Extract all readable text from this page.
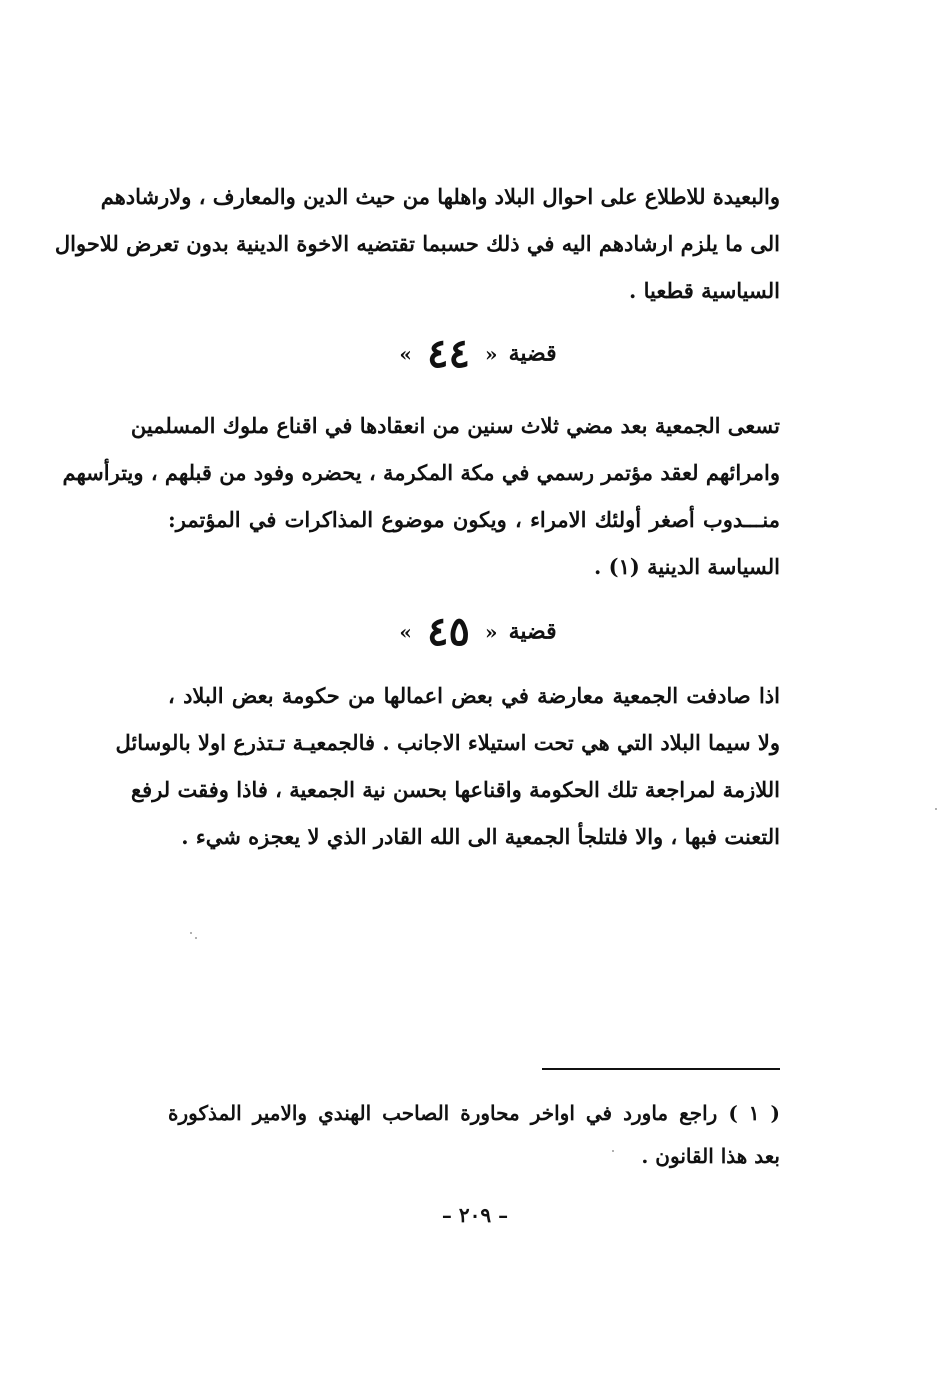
والبعيدة للاطلاع على احوال البلاد واهلها من حيث الدين والمعارف ، ولارشادهم
الى ما يلزم ارشادهم اليه في ذلك حسبما تقتضيه الاخوة الدينية بدون تعرض للاحوال
السياسية قطعيا .
قضية « ٤٤ »
تسعى الجمعية بعد مضي ثلاث سنين من انعقادها في اقناع ملوك المسلمين
وامرائهم لعقد مؤتمر رسمي في مكة المكرمة ، يحضره وفود من قبلهم ، ويترأسهم
منـــدوب أصغر أولئك الامراء ، ويكون موضوع المذاكرات في المؤتمر:
السياسة الدينية (١) .
قضية « ٤٥ »
اذا صادفت الجمعية معارضة في بعض اعمالها من حكومة بعض البلاد ،
ولا سيما البلاد التي هي تحت استيلاء الاجانب . فالجمعيـة تـتذرع اولا بالوسائل
اللازمة لمراجعة تلك الحكومة واقناعها بحسن نية الجمعية ، فاذا وفقت لرفع
التعنت فبها ، والا فلتلجأ الجمعية الى الله القادر الذي لا يعجزه شيء .
( ١ ) راجع ماورد في اواخر محاورة الصاحب الهندي والامير المذكورة
بعد هذا القانون .
– ٢٠٩ –
